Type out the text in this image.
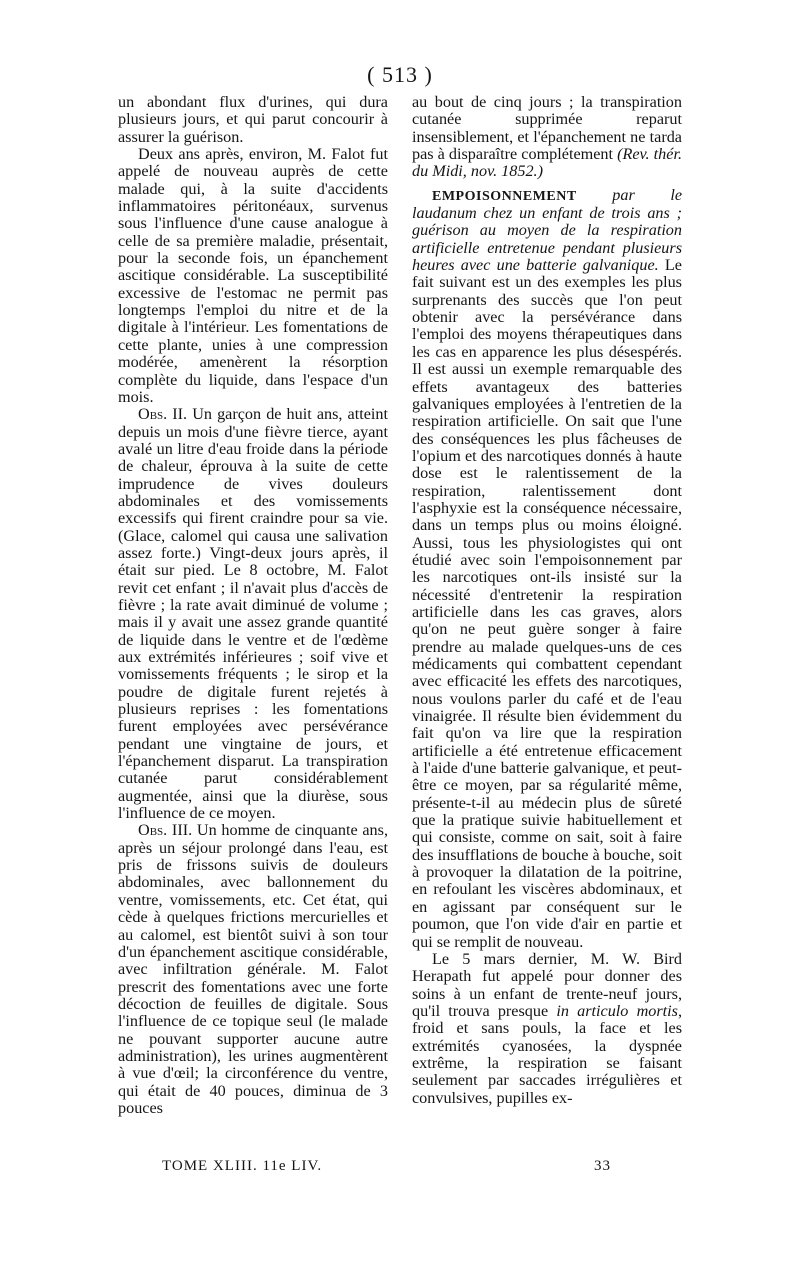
( 513 )

un abondant flux d'urines, qui dura plusieurs jours, et qui parut concourir à assurer la guérison.

Deux ans après, environ, M. Falot fut appelé de nouveau auprès de cette malade qui, à la suite d'accidents inflammatoires péritonéaux, survenus sous l'influence d'une cause analogue à celle de sa première maladie, présentait, pour la seconde fois, un épanchement ascitique considérable. La susceptibilité excessive de l'estomac ne permit pas longtemps l'emploi du nitre et de la digitale à l'intérieur. Les fomentations de cette plante, unies à une compression modérée, amenèrent la résorption complète du liquide, dans l'espace d'un mois.

Obs. II. Un garçon de huit ans, atteint depuis un mois d'une fièvre tierce, ayant avalé un litre d'eau froide dans la période de chaleur, éprouva à la suite de cette imprudence de vives douleurs abdominales et des vomissements excessifs qui firent craindre pour sa vie. (Glace, calomel qui causa une salivation assez forte.) Vingt-deux jours après, il était sur pied. Le 8 octobre, M. Falot revit cet enfant ; il n'avait plus d'accès de fièvre ; la rate avait diminué de volume ; mais il y avait une assez grande quantité de liquide dans le ventre et de l'œdème aux extrémités inférieures ; soif vive et vomissements fréquents ; le sirop et la poudre de digitale furent rejetés à plusieurs reprises : les fomentations furent employées avec persévérance pendant une vingtaine de jours, et l'épanchement disparut. La transpiration cutanée parut considérablement augmentée, ainsi que la diurèse, sous l'influence de ce moyen.

Obs. III. Un homme de cinquante ans, après un séjour prolongé dans l'eau, est pris de frissons suivis de douleurs abdominales, avec ballonnement du ventre, vomissements, etc. Cet état, qui cède à quelques frictions mercurielles et au calomel, est bientôt suivi à son tour d'un épanchement ascitique considérable, avec infiltration générale. M. Falot prescrit des fomentations avec une forte décoction de feuilles de digitale. Sous l'influence de ce topique seul (le malade ne pouvant supporter aucune autre administration), les urines augmentèrent à vue d'œil; la circonférence du ventre, qui était de 40 pouces, diminua de 3 pouces

au bout de cinq jours ; la transpiration cutanée supprimée reparut insensiblement, et l'épanchement ne tarda pas à disparaître complétement (Rev. thér. du Midi, nov. 1852.)

EMPOISONNEMENT par le laudanum chez un enfant de trois ans ; guérison au moyen de la respiration artificielle entretenue pendant plusieurs heures avec une batterie galvanique. Le fait suivant est un des exemples les plus surprenants des succès que l'on peut obtenir avec la persévérance dans l'emploi des moyens thérapeutiques dans les cas en apparence les plus désespérés. Il est aussi un exemple remarquable des effets avantageux des batteries galvaniques employées à l'entretien de la respiration artificielle. On sait que l'une des conséquences les plus fâcheuses de l'opium et des narcotiques donnés à haute dose est le ralentissement de la respiration, ralentissement dont l'asphyxie est la conséquence nécessaire, dans un temps plus ou moins éloigné. Aussi, tous les physiologistes qui ont étudié avec soin l'empoisonnement par les narcotiques ont-ils insisté sur la nécessité d'entretenir la respiration artificielle dans les cas graves, alors qu'on ne peut guère songer à faire prendre au malade quelques-uns de ces médicaments qui combattent cependant avec efficacité les effets des narcotiques, nous voulons parler du café et de l'eau vinaigrée. Il résulte bien évidemment du fait qu'on va lire que la respiration artificielle a été entretenue efficacement à l'aide d'une batterie galvanique, et peut-être ce moyen, par sa régularité même, présente-t-il au médecin plus de sûreté que la pratique suivie habituellement et qui consiste, comme on sait, soit à faire des insufflations de bouche à bouche, soit à provoquer la dilatation de la poitrine, en refoulant les viscères abdominaux, et en agissant par conséquent sur le poumon, que l'on vide d'air en partie et qui se remplit de nouveau.

Le 5 mars dernier, M. W. Bird Herapath fut appelé pour donner des soins à un enfant de trente-neuf jours, qu'il trouva presque in articulo mortis, froid et sans pouls, la face et les extrémités cyanosées, la dyspnée extrême, la respiration se faisant seulement par saccades irrégulières et convulsives, pupilles ex-

TOME XLIII. 11e LIV.	33
